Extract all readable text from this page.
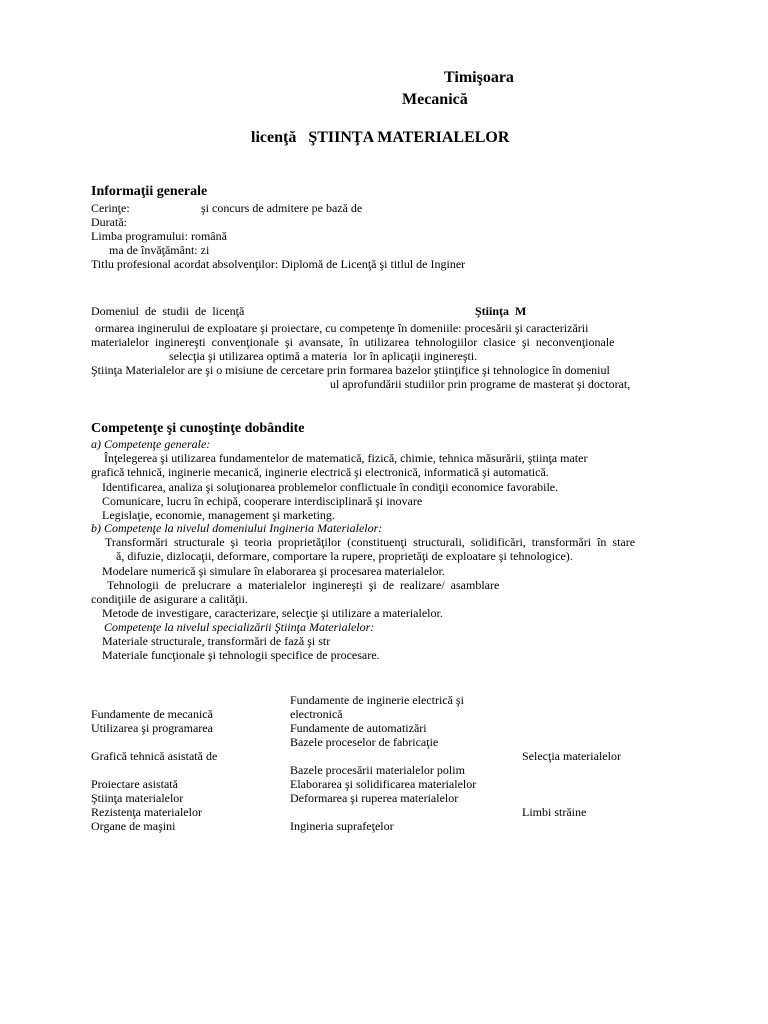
Timişoara
Mecanică
licenţă ŞTIINŢA MATERIALELOR
Informaţii generale
Cerinţe:	şi concurs de admitere pe bază de
Durată:
Limba programului: română
ma de învăţământ: zi
Titlu profesional acordat absolvenţilor: Diplomă de Licenţă şi titlul de Inginer
Domeniul  de  studii  de  licenţă	Ştiinţa  M
ormarea inginerului de exploatare şi proiectare, cu competenţe în domeniile: procesării şi caracterizării
materialelor  inginereşti  convenţionale  şi  avansate,  în  utilizarea  tehnologiilor  clasice  şi  neconvenţionale
selecţia şi utilizarea optimă a materia  lor în aplicaţii inginereşti.
Ştiinţa Materialelor are şi o misiune de cercetare prin formarea bazelor ştiinţifice şi tehnologice în domeniul
ul aprofundării studiilor prin programe de masterat şi doctorat,
Competenţe şi cunoştinţe dobândite
a) Competenţe generale:
Înţelegerea şi utilizarea fundamentelor de matematică, fizică, chimie, tehnica măsurării, ştiinţa mater
grafică tehnică, inginerie mecanică, inginerie electrică şi electronică, informatică şi automatică.
Identificarea, analiza şi soluţionarea problemelor conflictuale în condiţii economice favorabile.
Comunicare, lucru în echipă, cooperare interdisciplinară şi inovare
Legislaţie, economie, management şi marketing.
b) Competenţe la nivelul domeniului Ingineria Materialelor:
Transformări  structurale  şi  teoria  proprietăţilor  (constituenţi  structurali,  solidificări,  transformări  în  stare
ă, difuzie, dizlocaţii, deformare, comportare la rupere, proprietăţi de exploatare şi tehnologice).
Modelare numerică şi simulare în elaborarea şi procesarea materialelor.
Tehnologii  de  prelucrare  a  materialelor  inginereşti  şi  de  realizare/  asamblare
condiţiile de asigurare a calităţii.
Metode de investigare, caracterizare, selecţie şi utilizare a materialelor.
Competenţe la nivelul specializării Ştiinţa Materialelor:
Materiale structurale, transformări de fază şi str
Materiale funcţionale şi tehnologii specifice de procesare.
Fundamente de mecanică
Utilizarea şi programarea
Grafică tehnică asistată de
Proiectare asistată
Ştiinţa materialelor
Rezistenţa materialelor
Organe de maşini
Fundamente de inginerie electrică şi
electronică
Fundamente de automatizări
Bazele proceselor de fabricaţie
Bazele procesării materialelor polim
Elaborarea şi solidificarea materialelor
Deformarea şi ruperea materialelor
Ingineria suprafeţelor
Selecţia materialelor
Limbi străine
